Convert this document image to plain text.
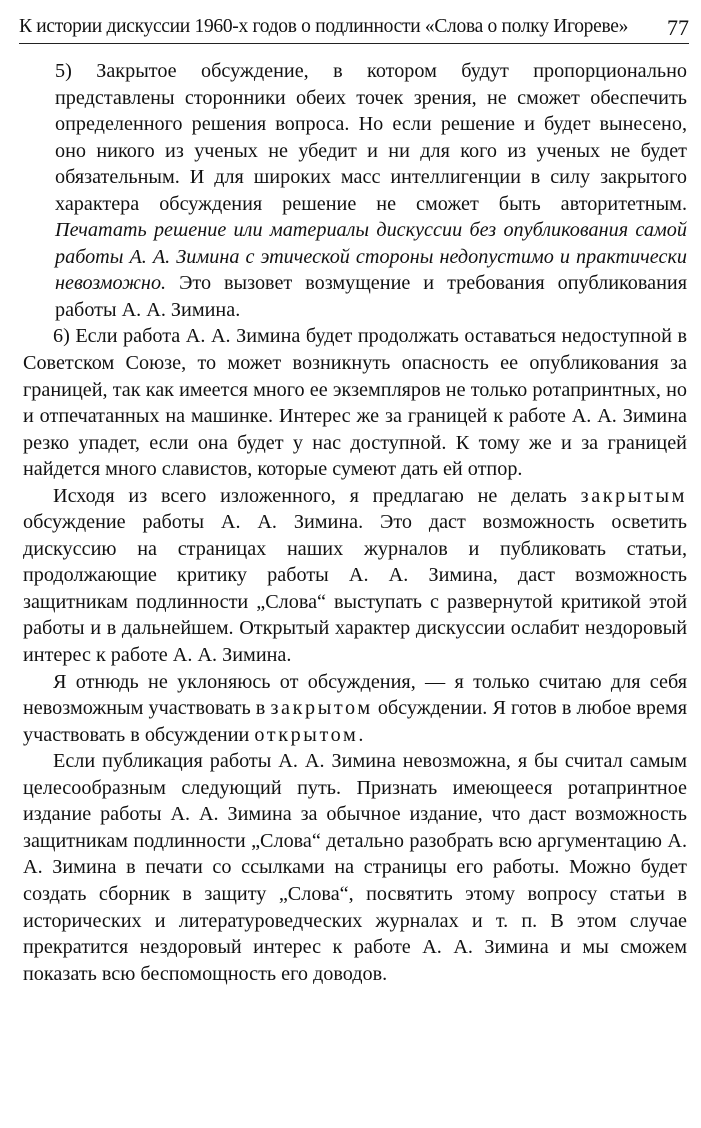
К истории дискуссии 1960-х годов о подлинности «Слова о полку Игореве» 77

5) Закрытое обсуждение, в котором будут пропорционально представлены сторонники обеих точек зрения, не сможет обеспечить определенного решения вопроса. Но если решение и будет вынесено, оно никого из ученых не убедит и ни для кого из ученых не будет обязательным. И для широких масс интеллигенции в силу закрытого характера обсуждения решение не сможет быть авторитетным. Печатать решение или материалы дискуссии без опубликования самой работы А. А. Зимина с этической стороны недопустимо и практически невозможно. Это вызовет возмущение и требования опубликования работы А. А. Зимина.

6) Если работа А. А. Зимина будет продолжать оставаться недоступной в Советском Союзе, то может возникнуть опасность ее опубликования за границей, так как имеется много ее экземпляров не только ротапринтных, но и отпечатанных на машинке. Интерес же за границей к работе А. А. Зимина резко упадет, если она будет у нас доступной. К тому же и за границей найдется много славистов, которые сумеют дать ей отпор.

Исходя из всего изложенного, я предлагаю не делать закрытым обсуждение работы А. А. Зимина. Это даст возможность осветить дискуссию на страницах наших журналов и публиковать статьи, продолжающие критику работы А. А. Зимина, даст возможность защитникам подлинности „Слова“ выступать с развернутой критикой этой работы и в дальнейшем. Открытый характер дискуссии ослабит нездоровый интерес к работе А. А. Зимина.

Я отнюдь не уклоняюсь от обсуждения, — я только считаю для себя невозможным участвовать в закрытом обсуждении. Я готов в любое время участвовать в обсуждении открытом.

Если публикация работы А. А. Зимина невозможна, я бы считал самым целесообразным следующий путь. Признать имеющееся ротапринтное издание работы А. А. Зимина за обычное издание, что даст возможность защитникам подлинности „Слова“ детально разобрать всю аргументацию А. А. Зимина в печати со ссылками на страницы его работы. Можно будет создать сборник в защиту „Слова“, посвятить этому вопросу статьи в исторических и литературоведческих журналах и т. п. В этом случае прекратится нездоровый интерес к работе А. А. Зимина и мы сможем показать всю беспомощность его доводов.
